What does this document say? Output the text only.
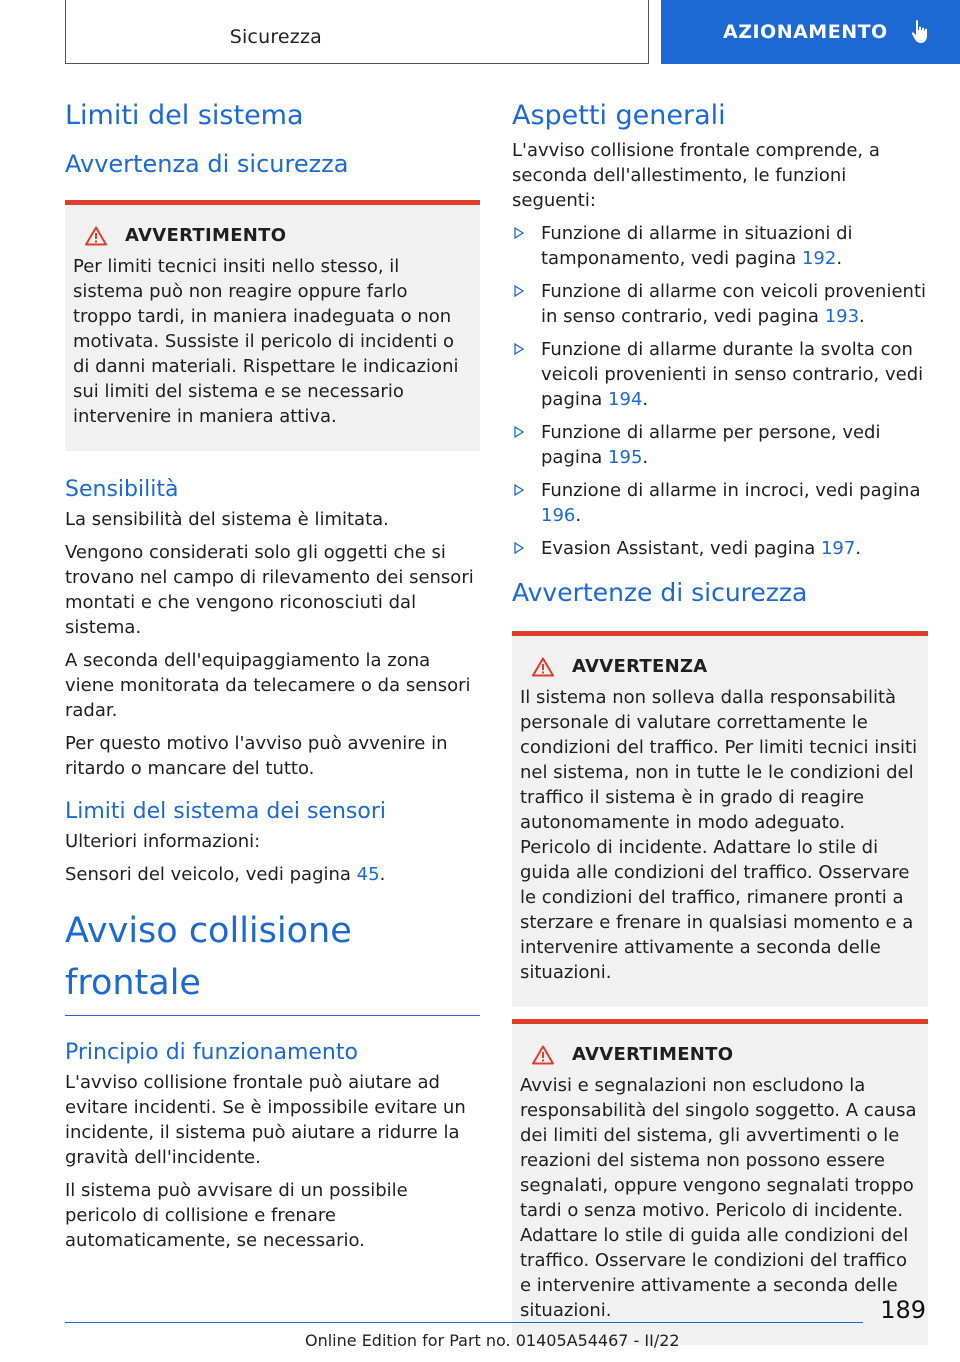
Sicurezza	AZIONAMENTO
Limiti del sistema
Avvertenza di sicurezza
AVVERTIMENTO

Per limiti tecnici insiti nello stesso, il sistema può non reagire oppure farlo troppo tardi, in maniera inadeguata o non motivata. Sussiste il pericolo di incidenti o di danni materiali. Rispettare le indicazioni sui limiti del sistema e se necessario intervenire in maniera attiva.

Sensibilità

La sensibilità del sistema è limitata.

Vengono considerati solo gli oggetti che si trovano nel campo di rilevamento dei sensori montati e che vengono riconosciuti dal sistema.

A seconda dell'equipaggiamento la zona viene monitorata da telecamere o da sensori radar.

Per questo motivo l'avviso può avvenire in ritardo o mancare del tutto.

Limiti del sistema dei sensori

Ulteriori informazioni:

Sensori del veicolo, vedi pagina 45.

Avviso collisione frontale
Principio di funzionamento

L'avviso collisione frontale può aiutare ad evitare incidenti. Se è impossibile evitare un incidente, il sistema può aiutare a ridurre la gravità dell'incidente.

Il sistema può avvisare di un possibile pericolo di collisione e frenare automaticamente, se necessario.

Aspetti generali

L'avviso collisione frontale comprende, a seconda dell'allestimento, le funzioni seguenti:

Funzione di allarme in situazioni di tamponamento, vedi pagina 192.
Funzione di allarme con veicoli provenienti in senso contrario, vedi pagina 193.
Funzione di allarme durante la svolta con veicoli provenienti in senso contrario, vedi pagina 194.
Funzione di allarme per persone, vedi pagina 195.
Funzione di allarme in incroci, vedi pagina 196.
Evasion Assistant, vedi pagina 197.
Avvertenze di sicurezza
AVVERTENZA

Il sistema non solleva dalla responsabilità personale di valutare correttamente le condizioni del traffico. Per limiti tecnici insiti nel sistema, non in tutte le le condizioni del traffico il sistema è in grado di reagire autonomamente in modo adeguato. Pericolo di incidente. Adattare lo stile di guida alle condizioni del traffico. Osservare le condizioni del traffico, rimanere pronti a sterzare e frenare in qualsiasi momento e a intervenire attivamente a seconda delle situazioni.

AVVERTIMENTO

Avvisi e segnalazioni non escludono la responsabilità del singolo soggetto. A causa dei limiti del sistema, gli avvertimenti o le reazioni del sistema non possono essere segnalati, oppure vengono segnalati troppo tardi o senza motivo. Pericolo di incidente. Adattare lo stile di guida alle condizioni del traffico. Osservare le condizioni del traffico e intervenire attivamente a seconda delle situazioni.	189
Online Edition for Part no. 01405A54467 - II/22
